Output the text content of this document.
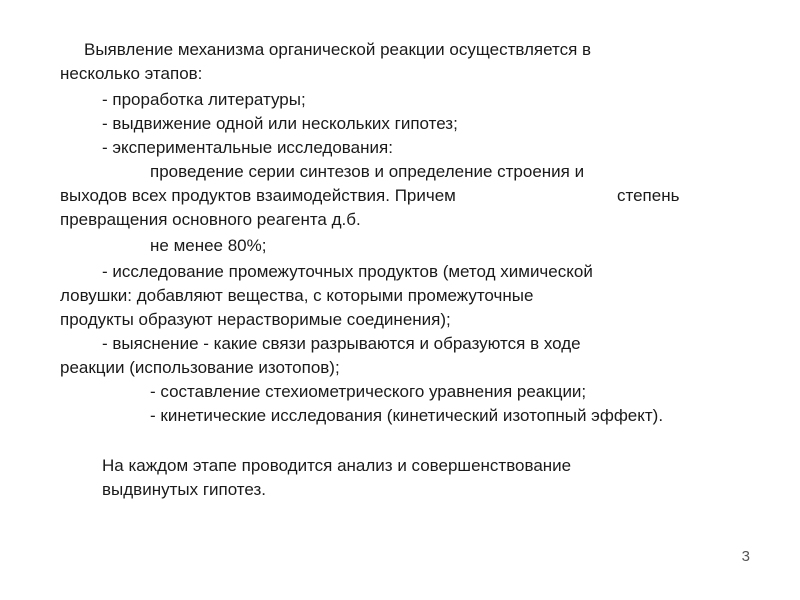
Выявление механизма органической реакции осуществляется в

несколько этапов:

- проработка литературы;

- выдвижение одной или нескольких гипотез;

- экспериментальные исследования:

проведение серии синтезов и определение строения и

выходов всех продуктов взаимодействия. Причем	степень

превращения основного реагента д.б.

не менее 80%;

- исследование промежуточных продуктов (метод химической

ловушки: добавляют вещества, с которыми промежуточные

продукты образуют нерастворимые соединения);

- выяснение - какие связи разрываются и образуются в ходе

реакции (использование изотопов);

- составление стехиометрического уравнения реакции;

- кинетические исследования (кинетический изотопный эффект).

На каждом этапе проводится анализ и совершенствование

выдвинутых гипотез.

3
